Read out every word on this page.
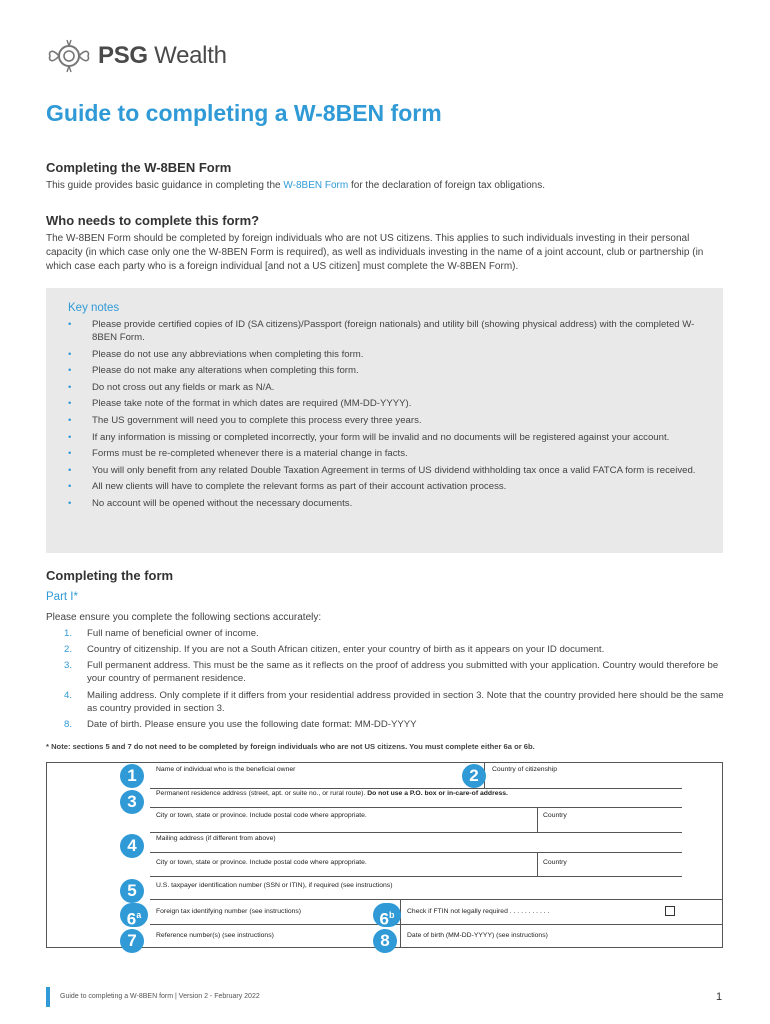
PSG Wealth
Guide to completing a W-8BEN form
Completing the W-8BEN Form

This guide provides basic guidance in completing the W-8BEN Form for the declaration of foreign tax obligations.

Who needs to complete this form?

The W-8BEN Form should be completed by foreign individuals who are not US citizens. This applies to such individuals investing in their personal capacity (in which case only one the W-8BEN Form is required), as well as individuals investing in the name of a joint account, club or partnership (in which case each party who is a foreign individual [and not a US citizen] must complete the W-8BEN Form).

Key notes
• Please provide certified copies of ID (SA citizens)/Passport (foreign nationals) and utility bill (showing physical address) with the completed W-8BEN Form.
• Please do not use any abbreviations when completing this form.
• Please do not make any alterations when completing this form.
• Do not cross out any fields or mark as N/A.
• Please take note of the format in which dates are required (MM-DD-YYYY).
• The US government will need you to complete this process every three years.
• If any information is missing or completed incorrectly, your form will be invalid and no documents will be registered against your account.
• Forms must be re-completed whenever there is a material change in facts.
• You will only benefit from any related Double Taxation Agreement in terms of US dividend withholding tax once a valid FATCA form is received.
• All new clients will have to complete the relevant forms as part of their account activation process.
• No account will be opened without the necessary documents.
Completing the form
Part I*

Please ensure you complete the following sections accurately:

1. Full name of beneficial owner of income.
2. Country of citizenship. If you are not a South African citizen, enter your country of birth as it appears on your ID document.
3. Full permanent address. This must be the same as it reflects on the proof of address you submitted with your application. Country would therefore be your country of permanent residence.
4. Mailing address. Only complete if it differs from your residential address provided in section 3. Note that the country provided here should be the same as country provided in section 3.
8. Date of birth. Please ensure you use the following date format: MM-DD-YYYY
* Note: sections 5 and 7 do not need to be completed by foreign individuals who are not US citizens. You must complete either 6a or 6b.
1	2
3
4
5
6$^a$	6$^b$
7	8
Name of individual who is the beneficial owner	Country of citizenship
Permanent residence address (street, apt. or suite no., or rural route). Do not use a P.O. box or in-care-of address.
City or town, state or province. Include postal code where appropriate.	Country
Mailing address (if different from above)
City or town, state or province. Include postal code where appropriate.	Country
U.S. taxpayer identification number (SSN or ITIN), if required (see instructions)
Foreign tax identifying number (see instructions)	Check if FTIN not legally required . . . . . . . . . . .
Reference number(s) (see instructions)	Date of birth (MM-DD-YYYY) (see instructions)
Guide to completing a W-8BEN form | Version 2 - February 2022	1
